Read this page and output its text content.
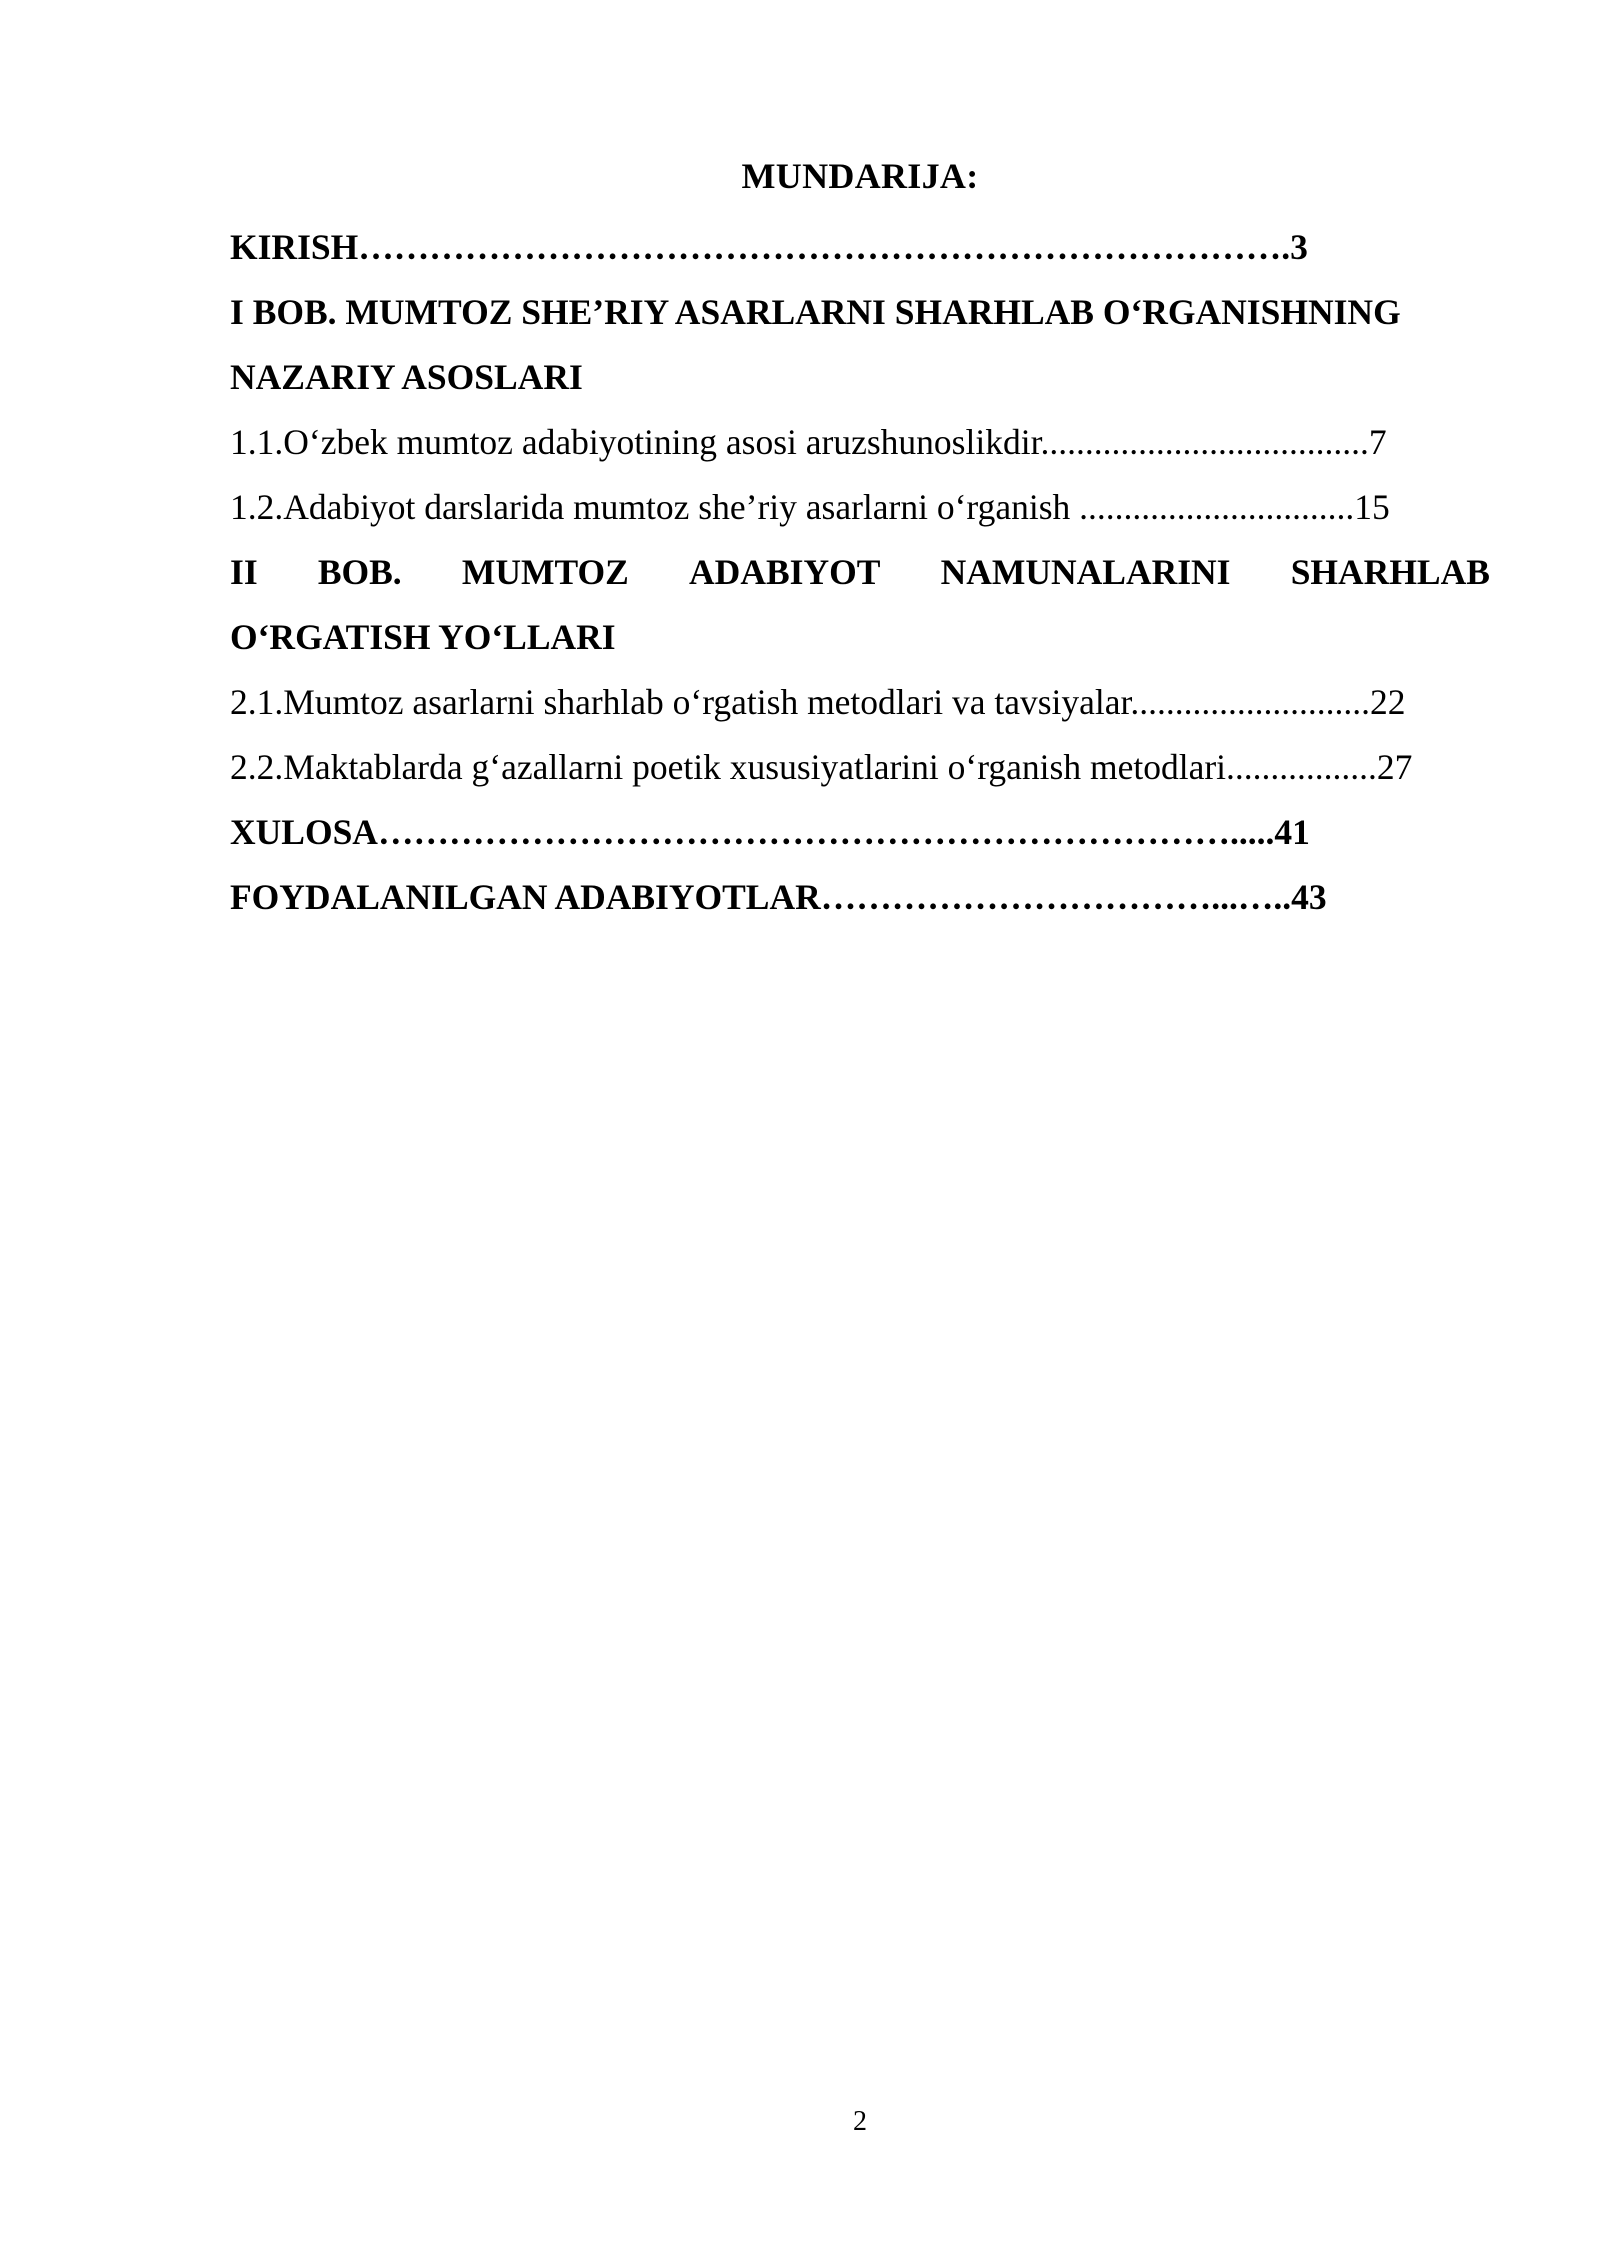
MUNDARIJA:
KIRISH…………………………………………………………………….3
I BOB. MUMTOZ SHE’RIY ASARLARNI SHARHLAB O‘RGANISHNING
NAZARIY ASOSLARI
1.1.O‘zbek mumtoz adabiyotining asosi aruzshunoslikdir.....................................7
1.2.Adabiyot darslarida mumtoz she’riy asarlarni o‘rganish ...............................15
II BOB. MUMTOZ ADABIYOT NAMUNALARINI SHARHLAB
O‘RGATISH YO‘LLARI
2.1.Mumtoz asarlarni sharhlab o‘rgatish metodlari va tavsiyalar...........................22
2.2.Maktablarda g‘azallarni poetik xususiyatlarini o‘rganish metodlari.................27
XULOSA……………………………………………………………….....41
FOYDALANILGAN ADABIYOTLAR……………………………...…..43
2
